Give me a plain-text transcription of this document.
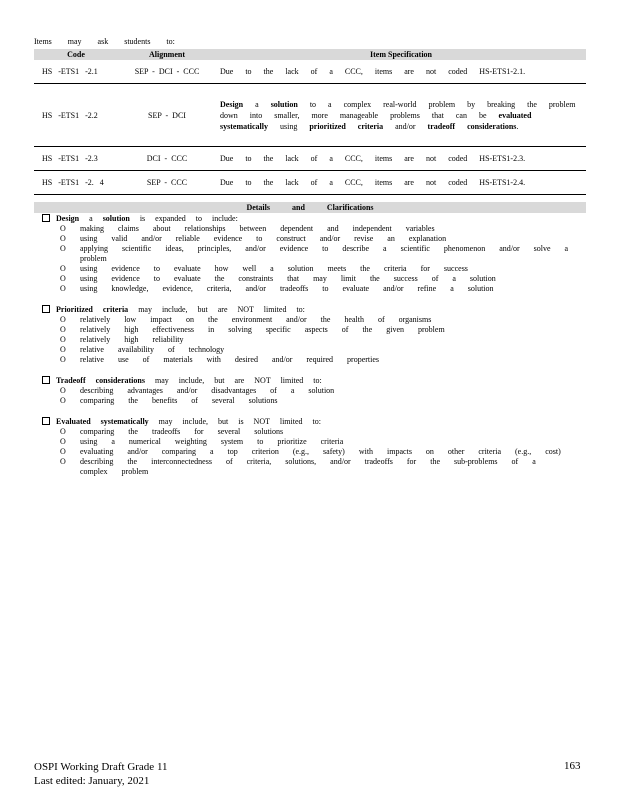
Items may ask students to:
Code	Alignment	Item Specification
HS -ETS1 -2.1	SEP - DCI - CCC	Due to the lack of a CCC, items are not coded HS-ETS1-2.1.
HS -ETS1 -2.2	SEP - DCI	Design a solution to a complex real-world problem by breaking the problem down into smaller, more manageable problems that can be evaluated systematically using prioritized criteria and/or tradeoff considerations.
HS -ETS1 -2.3	DCI - CCC	Due to the lack of a CCC, items are not coded HS-ETS1-2.3.
HS -ETS1 -2. 4	SEP - CCC	Due to the lack of a CCC, items are not coded HS-ETS1-2.4.
Details and Clarifications
Design a solution is expanded to include:
O making claims about relationships between dependent and independent variables
O using valid and/or reliable evidence to construct and/or revise an explanation
O applying scientific ideas, principles, and/or evidence to describe a scientific phenomenon and/or solve a problem
O using evidence to evaluate how well a solution meets the criteria for success
O using evidence to evaluate the constraints that may limit the success of a solution
O using knowledge, evidence, criteria, and/or tradeoffs to evaluate and/or refine a solution
Prioritized criteria may include, but are NOT limited to:
O relatively low impact on the environment and/or the health of organisms
O relatively high effectiveness in solving specific aspects of the given problem
O relatively high reliability
O relative availability of technology
O relative use of materials with desired and/or required properties
Tradeoff considerations may include, but are NOT limited to:
O describing advantages and/or disadvantages of a solution
O comparing the benefits of several solutions
Evaluated systematically may include, but is NOT limited to:
O comparing the tradeoffs for several solutions
O using a numerical weighting system to prioritize criteria
O evaluating and/or comparing a top criterion (e.g., safety) with impacts on other criteria (e.g., cost)
O describing the interconnectedness of criteria, solutions, and/or tradeoffs for the sub-problems of a complex problem
OSPI Working Draft Grade 11
Last edited: January, 2021
163
